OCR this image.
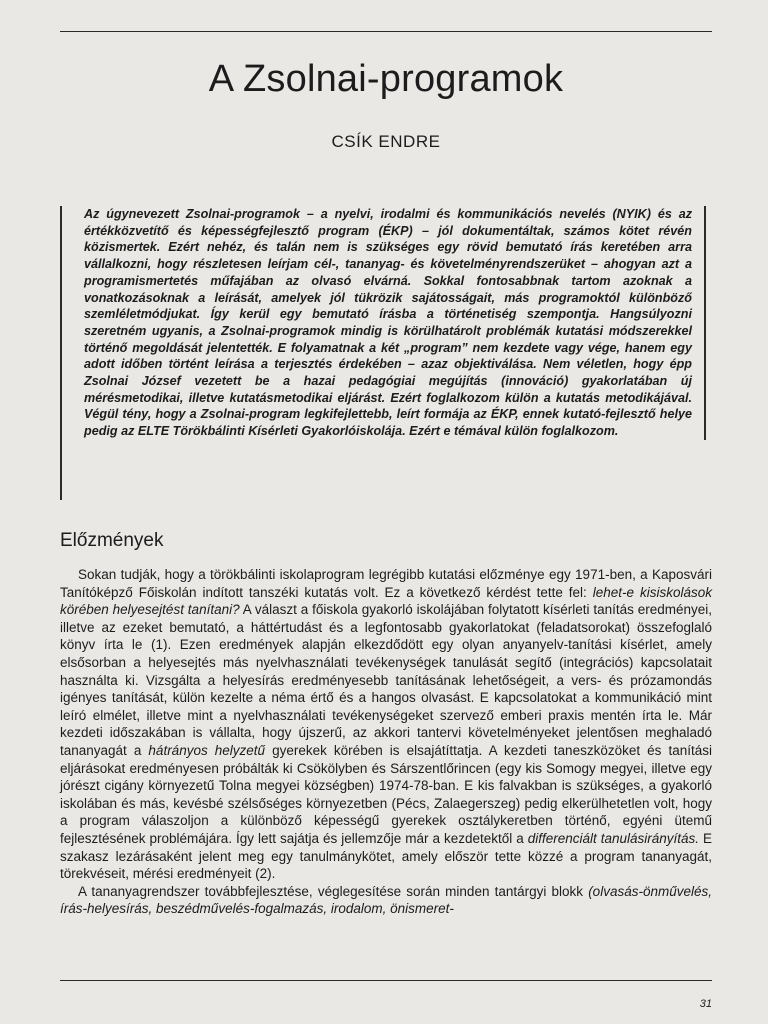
A Zsolnai-programok
CSÍK ENDRE

Az úgynevezett Zsolnai-programok – a nyelvi, irodalmi és kommunikációs nevelés (NYIK) és az értékközvetítő és képességfejlesztő program (ÉKP) – jól dokumentáltak, számos kötet révén közismertek. Ezért nehéz, és talán nem is szükséges egy rövid bemutató írás keretében arra vállalkozni, hogy részletesen leírjam cél-, tananyag- és követelményrendszerüket – ahogyan azt a programismertetés műfajában az olvasó elvárná. Sokkal fontosabbnak tartom azoknak a vonatkozásoknak a leírását, amelyek jól tükrözik sajátosságait, más programoktól különböző szemléletmódjukat. Így kerül egy bemutató írásba a történetiség szempontja. Hangsúlyozni szeretném ugyanis, a Zsolnai-programok mindig is körülhatárolt problémák kutatási módszerekkel történő megoldását jelentették. E folyamatnak a két „program” nem kezdete vagy vége, hanem egy adott időben történt leírása a terjesztés érdekében – azaz objektiválása. Nem véletlen, hogy épp Zsolnai József vezetett be a hazai pedagógiai megújítás (innováció) gyakorlatában új mérésmetodikai, illetve kutatásmetodikai eljárást. Ezért foglalkozom külön a kutatás metodikájával. Végül tény, hogy a Zsolnai-program legkifejlettebb, leírt formája az ÉKP, ennek kutató-fejlesztő helye pedig az ELTE Törökbálinti Kísérleti Gyakorlóiskolája. Ezért e témával külön foglalkozom.

Előzmények

Sokan tudják, hogy a törökbálinti iskolaprogram legrégibb kutatási előzménye egy 1971-ben, a Kaposvári Tanítóképző Főiskolán indított tanszéki kutatás volt. Ez a következő kérdést tette fel: lehet-e kisiskolások körében helyesejtést tanítani? A választ a főiskola gyakorló iskolájában folytatott kísérleti tanítás eredményei, illetve az ezeket bemutató, a háttértudást és a legfontosabb gyakorlatokat (feladatsorokat) összefoglaló könyv írta le (1). Ezen eredmények alapján elkezdődött egy olyan anyanyelv-tanítási kísérlet, amely elsősorban a helyesejtés más nyelvhasználati tevékenységek tanulását segítő (integrációs) kapcsolatait használta ki. Vizsgálta a helyesírás eredményesebb tanításának lehetőségeit, a vers- és prózamondás igényes tanítását, külön kezelte a néma értő és a hangos olvasást. E kapcsolatokat a kommunikáció mint leíró elmélet, illetve mint a nyelvhasználati tevékenységeket szervező emberi praxis mentén írta le. Már kezdeti időszakában is vállalta, hogy újszerű, az akkori tantervi követelményeket jelentősen meghaladó tananyagát a hátrányos helyzetű gyerekek körében is elsajátíttatja. A kezdeti taneszközöket és tanítási eljárásokat eredményesen próbálták ki Csökölyben és Sárszentlőrincen (egy kis Somogy megyei, illetve egy jórészt cigány környezetű Tolna megyei községben) 1974-78-ban. E kis falvakban is szükséges, a gyakorló iskolában és más, kevésbé szélsőséges környezetben (Pécs, Zalaegerszeg) pedig elkerülhetetlen volt, hogy a program válaszoljon a különböző képességű gyerekek osztálykeretben történő, egyéni ütemű fejlesztésének problémájára. Így lett sajátja és jellemzője már a kezdetektől a differenciált tanulásirányítás. E szakasz lezárásaként jelent meg egy tanulmánykötet, amely először tette közzé a program tananyagát, törekvéseit, mérési eredményeit (2).

A tananyagrendszer továbbfejlesztése, véglegesítése során minden tantárgyi blokk (olvasás-önművelés, írás-helyesírás, beszédművelés-fogalmazás, irodalom, önismeret-

31
